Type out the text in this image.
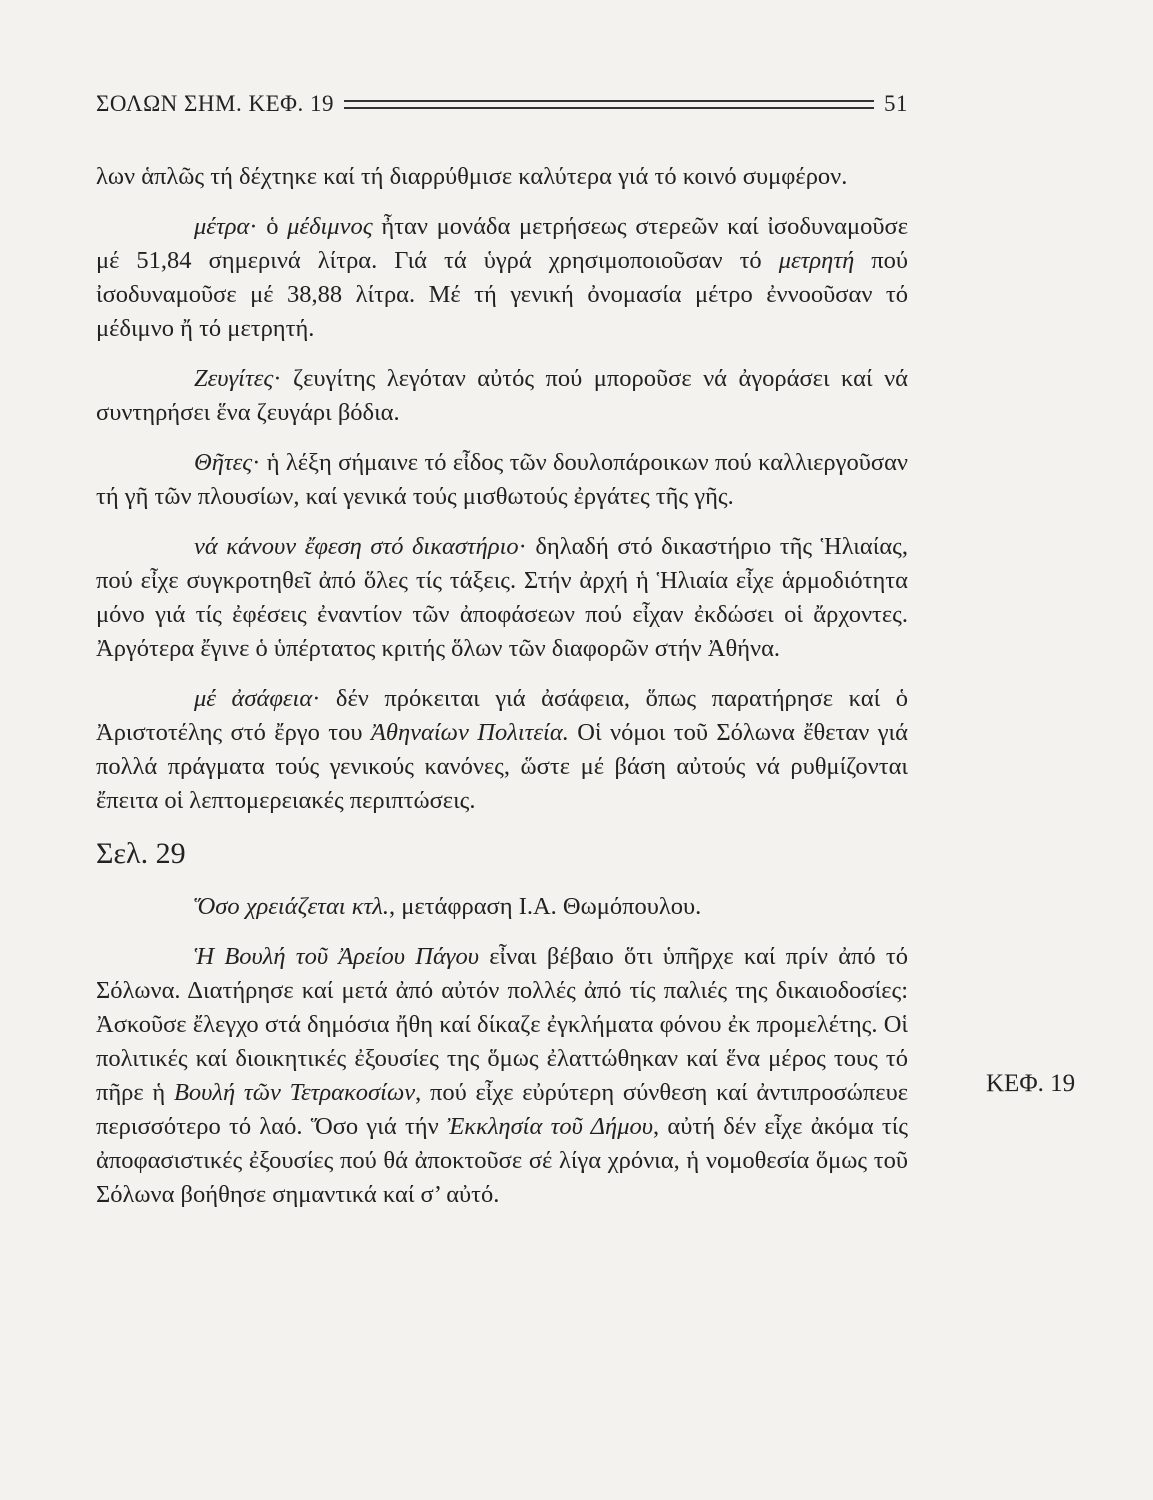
ΣΟΛΩΝ ΣΗΜ. ΚΕΦ. 19	51

λων ἁπλῶς τή δέχτηκε καί τή διαρρύθμισε καλύτερα γιά τό κοινό συμφέρον.

μέτρα· ὁ μέδιμνος ἦταν μονάδα μετρήσεως στερεῶν καί ἰσοδυναμοῦσε μέ 51,84 σημερινά λίτρα. Γιά τά ὑγρά χρησιμοποιοῦσαν τό μετρητή πού ἰσοδυναμοῦσε μέ 38,88 λίτρα. Μέ τή γενική ὀνομασία μέτρο ἐννοοῦσαν τό μέδιμνο ἤ τό μετρητή.

Ζευγίτες· ζευγίτης λεγόταν αὐτός πού μποροῦσε νά ἀγοράσει καί νά συντηρήσει ἕνα ζευγάρι βόδια.

Θῆτες· ἡ λέξη σήμαινε τό εἶδος τῶν δουλοπάροικων πού καλλιεργοῦσαν τή γῆ τῶν πλουσίων, καί γενικά τούς μισθωτούς ἐργάτες τῆς γῆς.

νά κάνουν ἔφεση στό δικαστήριο· δηλαδή στό δικαστήριο τῆς Ἡλιαίας, πού εἶχε συγκροτηθεῖ ἀπό ὅλες τίς τάξεις. Στήν ἀρχή ἡ Ἡλιαία εἶχε ἁρμοδιότητα μόνο γιά τίς ἐφέσεις ἐναντίον τῶν ἀποφάσεων πού εἶχαν ἐκδώσει οἱ ἄρχοντες. Ἀργότερα ἔγινε ὁ ὑπέρτατος κριτής ὅλων τῶν διαφορῶν στήν Ἀθήνα.

μέ ἀσάφεια· δέν πρόκειται γιά ἀσάφεια, ὅπως παρατήρησε καί ὁ Ἀριστοτέλης στό ἔργο του Ἀθηναίων Πολιτεία. Οἱ νόμοι τοῦ Σόλωνα ἔθεταν γιά πολλά πράγματα τούς γενικούς κανόνες, ὥστε μέ βάση αὐτούς νά ρυθμίζονται ἔπειτα οἱ λεπτομερειακές περιπτώσεις.

Σελ. 29

Ὅσο χρειάζεται κτλ., μετάφραση Ι.Α. Θωμόπουλου.

Ἡ Βουλή τοῦ Ἀρείου Πάγου εἶναι βέβαιο ὅτι ὑπῆρχε καί πρίν ἀπό τό Σόλωνα. Διατήρησε καί μετά ἀπό αὐτόν πολλές ἀπό τίς παλιές της δικαιοδοσίες: Ἀσκοῦσε ἔλεγχο στά δημόσια ἤθη καί δίκαζε ἐγκλήματα φόνου ἐκ προμελέτης. Οἱ πολιτικές καί διοικητικές ἐξουσίες της ὅμως ἐλαττώθηκαν καί ἕνα μέρος τους τό πῆρε ἡ Βουλή τῶν Τετρακοσίων, πού εἶχε εὐρύτερη σύνθεση καί ἀντιπροσώπευε περισσότερο τό λαό. Ὅσο γιά τήν Ἐκκλησία τοῦ Δήμου, αὐτή δέν εἶχε ἀκόμα τίς ἀποφασιστικές ἐξουσίες πού θά ἀποκτοῦσε σέ λίγα χρόνια, ἡ νομοθεσία ὅμως τοῦ Σόλωνα βοήθησε σημαντικά καί σ’ αὐτό.

ΚΕΦ. 19
